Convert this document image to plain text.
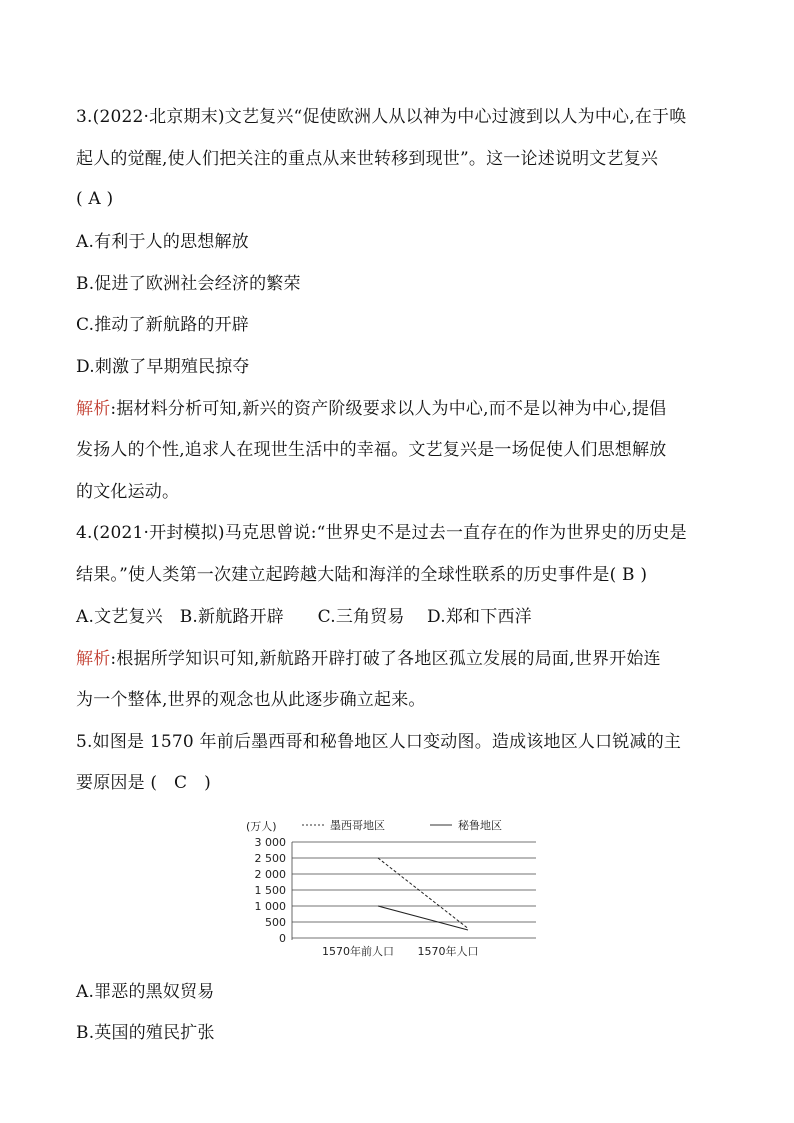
3.(2022·北京期末)文艺复兴“促使欧洲人从以神为中心过渡到以人为中心,在于唤
起人的觉醒,使人们把关注的重点从来世转移到现世”。这一论述说明文艺复兴
( A )
A.有利于人的思想解放
B.促进了欧洲社会经济的繁荣
C.推动了新航路的开辟
D.刺激了早期殖民掠夺
解析:据材料分析可知,新兴的资产阶级要求以人为中心,而不是以神为中心,提倡
发扬人的个性,追求人在现世生活中的幸福。文艺复兴是一场促使人们思想解放
的文化运动。
4.(2021·开封模拟)马克思曾说:“世界史不是过去一直存在的作为世界史的历史是
结果。”使人类第一次建立起跨越大陆和海洋的全球性联系的历史事件是( B )
A.文艺复兴   B.新航路开辟      C.三角贸易    D.郑和下西洋
解析:根据所学知识可知,新航路开辟打破了各地区孤立发展的局面,世界开始连
为一个整体,世界的观念也从此逐步确立起来。
5.如图是 1570 年前后墨西哥和秘鲁地区人口变动图。造成该地区人口锐减的主
要原因是 (   C   )
(万人)	墨西哥地区	秘鲁地区
3 000
2 500
2 000
1 500
1 000
500
0
1570年前人口 1570年人口
A.罪恶的黑奴贸易
B.英国的殖民扩张
